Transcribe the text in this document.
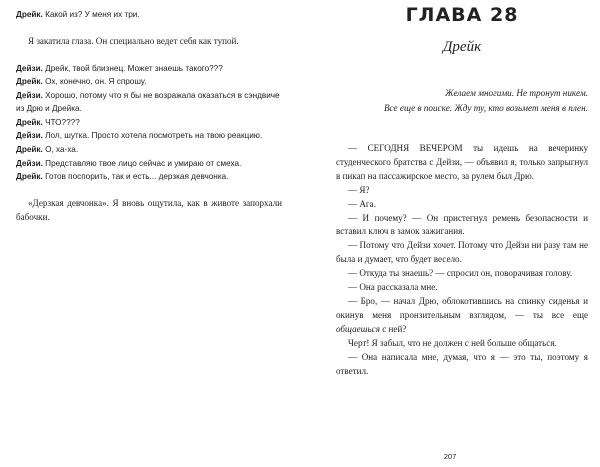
Дрейк. Какой из? У меня их три.

Я закатила глаза. Он специально ведет себя как тупой.

Дейзи. Дрейк, твой близнец. Может знаешь такого???

Дрейк. Ох, конечно, он. Я спрошу.

Дейзи. Хорошо, потому что я бы не возражала оказаться в сэндвиче из Дрю и Дрейка.

Дрейк. ЧТО????

Дейзи. Лол, шутка. Просто хотела посмотреть на твою реакцию.

Дрейк. О, ха-ха.

Дейзи. Представляю твое лицо сейчас и умираю от смеха.

Дрейк. Готов поспорить, так и есть... дерзкая девчонка.

«Дерзкая девчонка». Я вновь ощутила, как в животе запорхали бабочки.

ГЛАВА 28
Дрейк

Желаем многими. Не тронут никем.

Все еще в поиске. Жду ту, кто возьмет меня в плен.

— СЕГОДНЯ ВЕЧЕРОМ ты идешь на вечеринку студенческого братства с Дейзи, — объявил я, только запрыгнул в пикап на пассажирское место, за рулем был Дрю.

— Я?

— Ага.

— И почему? — Он пристегнул ремень безопасности и вставил ключ в замок зажигания.

— Потому что Дейзи хочет. Потому что Дейзи ни разу там не была и думает, что будет весело.

— Откуда ты знаешь? — спросил он, поворачивая голову.

— Она рассказала мне.

— Бро, — начал Дрю, облокотившись на спинку сиденья и окинув меня пронзительным взглядом, — ты все еще общаешься с ней?

Черт! Я забыл, что не должен с ней больше общаться.

— Она написала мне, думая, что я — это ты, поэтому я ответил.

207
